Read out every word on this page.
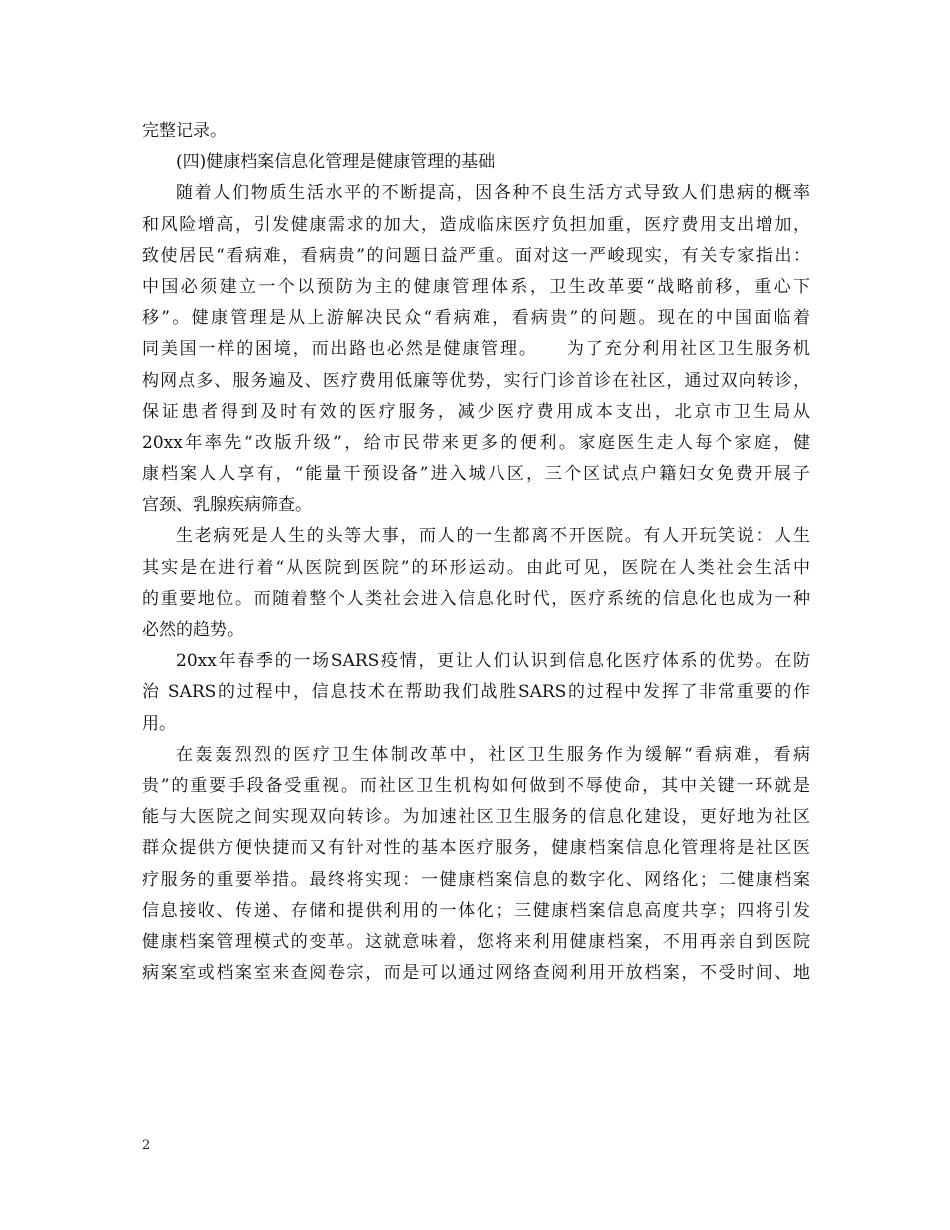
完整记录。
(四)健康档案信息化管理是健康管理的基础
随着人们物质生活水平的不断提高，因各种不良生活方式导致人们患病的概率
和风险增高，引发健康需求的加大，造成临床医疗负担加重，医疗费用支出增加，
致使居民“看病难，看病贵”的问题日益严重。面对这一严峻现实，有关专家指出：
中国必须建立一个以预防为主的健康管理体系，卫生改革要“战略前移，重心下
移”。健康管理是从上游解决民众“看病难，看病贵”的问题。现在的中国面临着
同美国一样的困境，而出路也必然是健康管理。　　为了充分利用社区卫生服务机
构网点多、服务遍及、医疗费用低廉等优势，实行门诊首诊在社区，通过双向转诊，
保证患者得到及时有效的医疗服务，减少医疗费用成本支出，北京市卫生局从
20xx年率先“改版升级”，给市民带来更多的便利。家庭医生走人每个家庭，健
康档案人人享有，“能量干预设备”进入城八区，三个区试点户籍妇女免费开展子
宫颈、乳腺疾病筛查。
生老病死是人生的头等大事，而人的一生都离不开医院。有人开玩笑说：人生
其实是在进行着“从医院到医院”的环形运动。由此可见，医院在人类社会生活中
的重要地位。而随着整个人类社会进入信息化时代，医疗系统的信息化也成为一种
必然的趋势。
20xx年春季的一场SARS疫情，更让人们认识到信息化医疗体系的优势。在防
治 SARS的过程中，信息技术在帮助我们战胜SARS的过程中发挥了非常重要的作
用。
在轰轰烈烈的医疗卫生体制改革中，社区卫生服务作为缓解“看病难，看病
贵”的重要手段备受重视。而社区卫生机构如何做到不辱使命，其中关键一环就是
能与大医院之间实现双向转诊。为加速社区卫生服务的信息化建设，更好地为社区
群众提供方便快捷而又有针对性的基本医疗服务，健康档案信息化管理将是社区医
疗服务的重要举措。最终将实现：一健康档案信息的数字化、网络化；二健康档案
信息接收、传递、存储和提供利用的一体化；三健康档案信息高度共享；四将引发
健康档案管理模式的变革。这就意味着，您将来利用健康档案，不用再亲自到医院
病案室或档案室来查阅卷宗，而是可以通过网络查阅利用开放档案，不受时间、地
2
